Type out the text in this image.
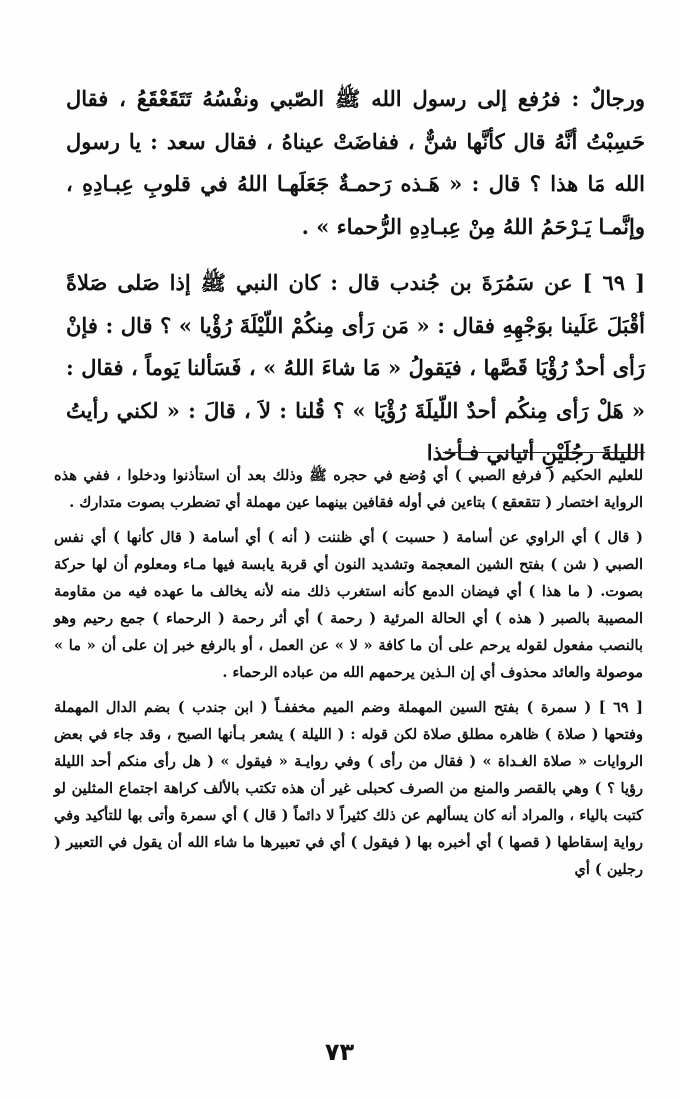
ورجالٌ : فرُفع إلى رسول الله ﷺ الصّبي ونفْسُهُ تَتَقَعْقَعُ ، فقال حَسِبْتُ أنَّهُ قال كأنَّها شنٌّ ، ففاضَتْ عيناهُ ، فقال سعد : يا رسول الله مَا هذا ؟ قال : « هَـذه رَحمـةٌ جَعَلَهـا اللهُ في قلوبِ عِبـادِهِ ، وإنَّمـا يَـرْحَمُ اللهُ مِنْ عِبـادِهِ الرُّحماء » .

[ ٦٩ ] عن سَمُرَةَ بن جُندب قال : كان النبي ﷺ إذا صَلى صَلاةً أقْبَلَ عَلَينا بوَجْهِهِ فقال : « مَن رَأى مِنكُمْ اللّيْلَةَ رُؤْيا » ؟ قال : فإنْ رَأى أحدٌ رُؤْيَا قَصَّها ، فيَقولُ « مَا شاءَ اللهُ » ، فَسَألنا يَوماً ، فقال : « هَلْ رَأى مِنكُم أحدٌ اللّيلَةَ رُؤْيَا » ؟ قُلنا : لاَ ، قالَ : « لكني رأيتُ الليلةَ رجُلَيْنِ أتياني فـأخذا

للعليم الحكيم ( فرفع الصبي ) أي وُضع في حجره ﷺ وذلك بعد أن استأذنوا ودخلوا ، ففي هذه الرواية اختصار ( تتقعقع ) بتاءين في أوله فقافين بينهما عين مهملة أي تضطرب بصوت متدارك .

( قال ) أي الراوي عن أسامة ( حسبت ) أي ظننت ( أنه ) أي أسامة ( قال كأنها ) أي نفس الصبي ( شن ) بفتح الشين المعجمة وتشديد النون أي قربة يابسة فيها مـاء ومعلوم أن لها حركة بصوت. ( ما هذا ) أي فيضان الدمع كأنه استغرب ذلك منه لأنه يخالف ما عهده فيه من مقاومة المصيبة بالصبر ( هذه ) أي الحالة المرئية ( رحمة ) أي أثر رحمة ( الرحماء ) جمع رحيم وهو بالنصب مفعول لقوله يرحم على أن ما كافة « لا » عن العمل ، أو بالرفع خبر إن على أن « ما » موصولة والعائد محذوف أي إن الـذين يرحمهم الله من عباده الرحماء .

[ ٦٩ ] ( سمرة ) بفتح السين المهملة وضم الميم مخففـاً ( ابن جندب ) بضم الدال المهملة وفتحها ( صلاة ) ظاهره مطلق صلاة لكن قوله : ( الليلة ) يشعر بـأنها الصبح ، وقد جاء في بعض الروايات « صلاة الغـداة » ( فقال من رأى ) وفي روايـة « فيقول » ( هل رأى منكم أحد الليلة رؤيا ؟ ) وهي بالقصر والمنع من الصرف كحبلى غير أن هذه تكتب بالألف كراهة اجتماع المثلين لو كتبت بالياء ، والمراد أنه كان يسألهم عن ذلك كثيراً لا دائماً ( قال ) أي سمرة وأتى بها للتأكيد وفي رواية إسقاطها ( قصها ) أي أخبره بها ( فيقول ) أي في تعبيرها ما شاء الله أن يقول في التعبير ( رجلين ) أي

٧٣
